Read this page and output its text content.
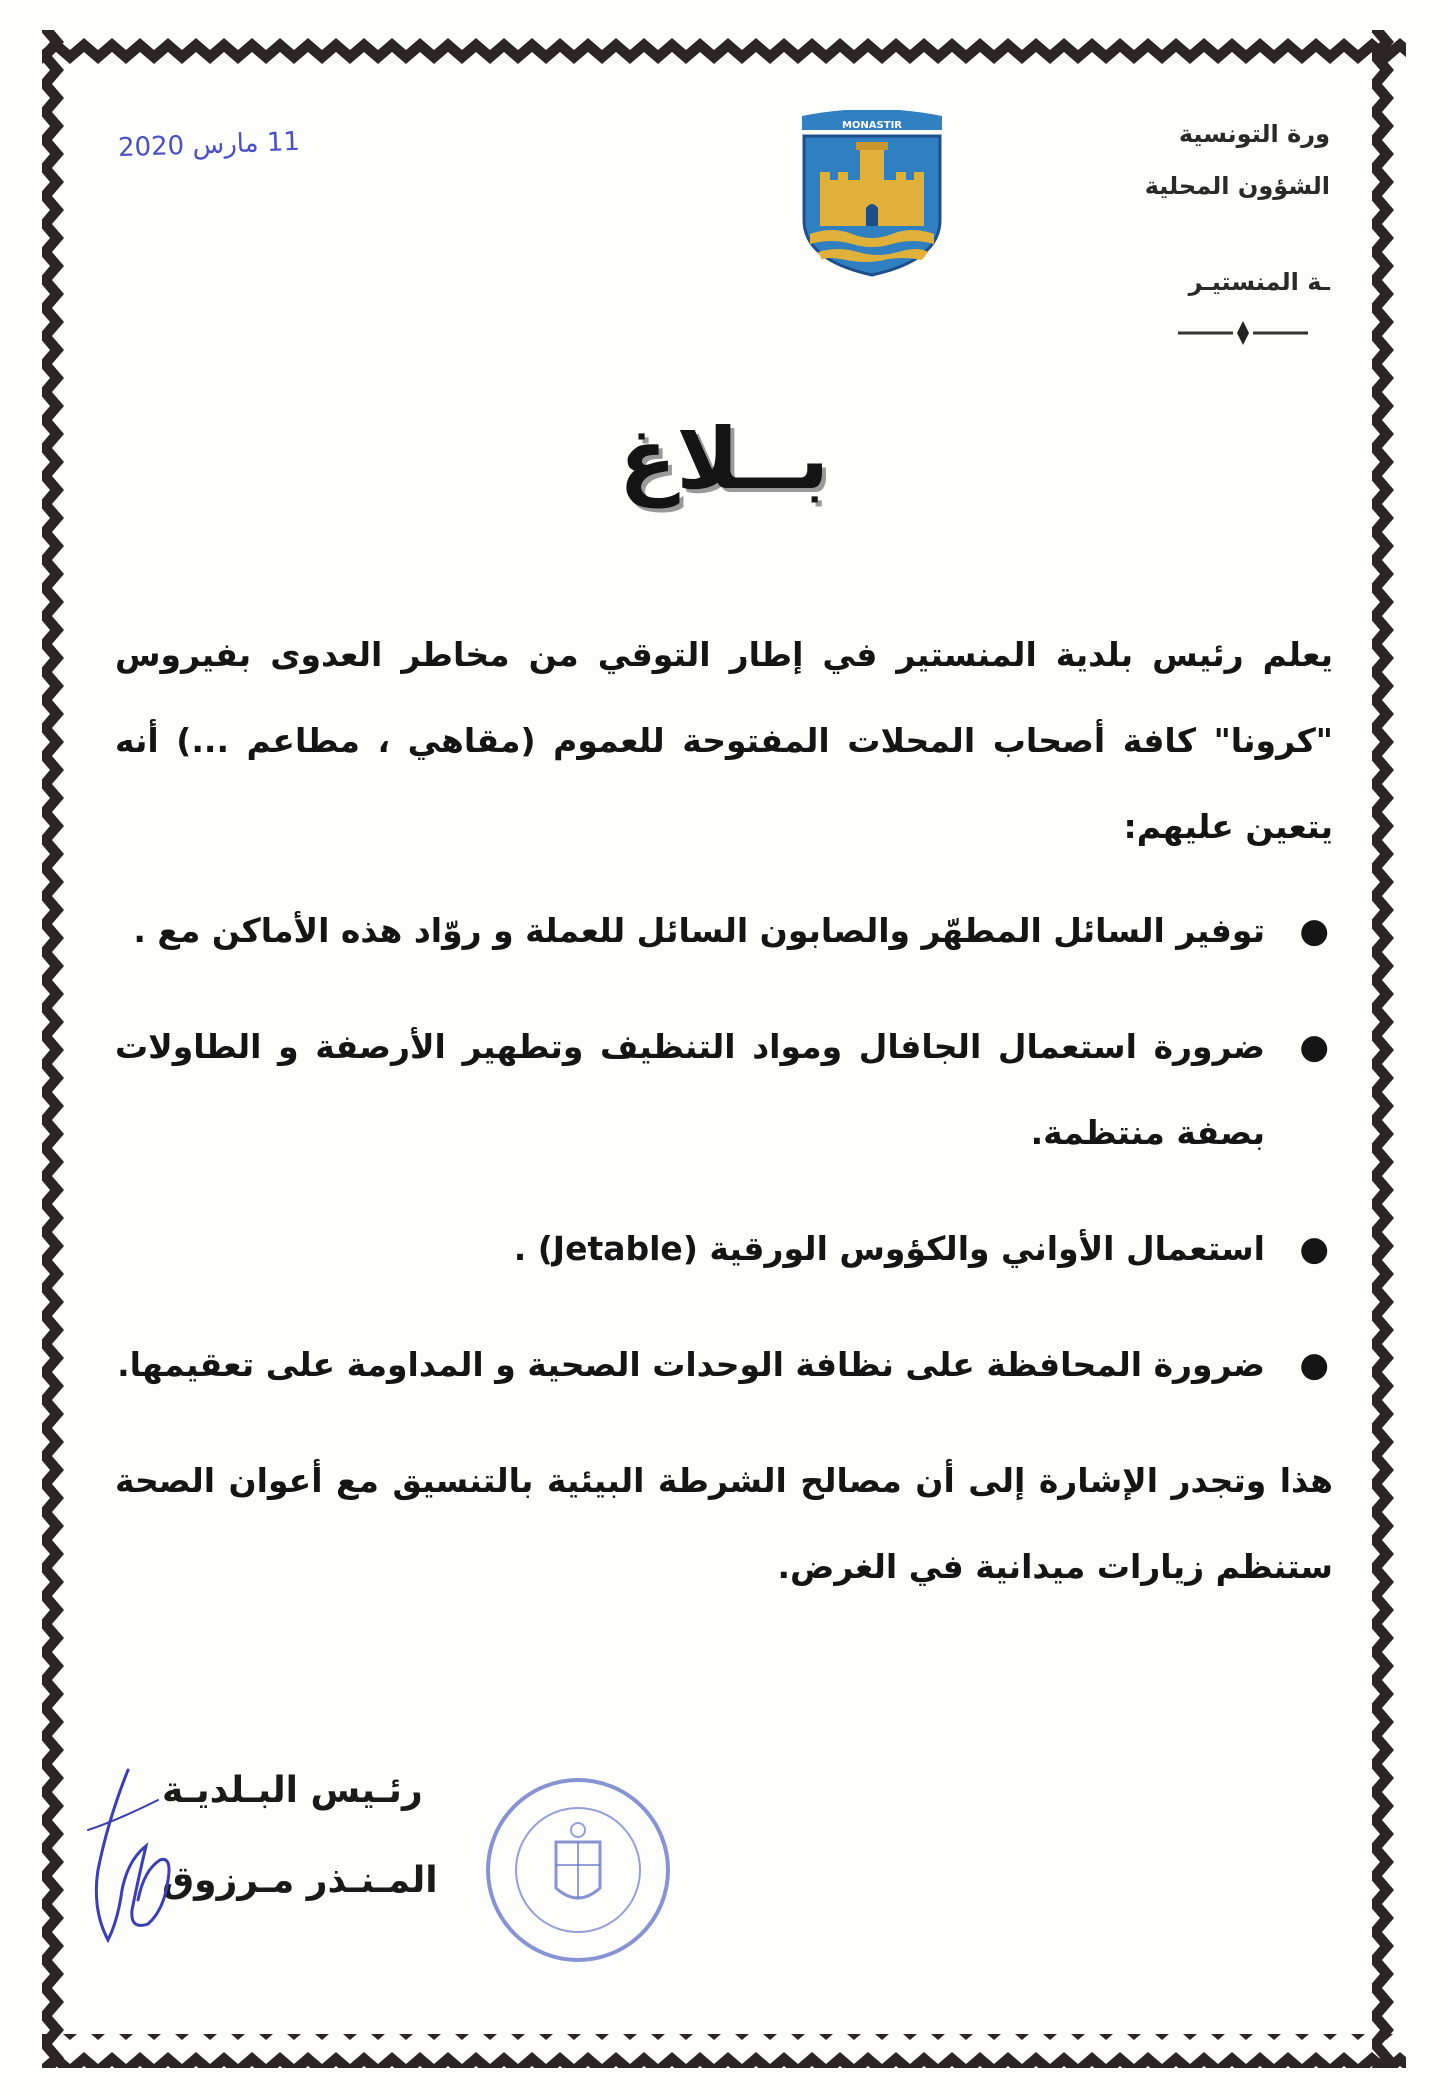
11 مارس 2020
MONASTIR	ورة التونسية
الشؤون المحلية
ـة المنستيـر
بــلاغ

يعلم رئيس بلدية المنستير في إطار التوقي من مخاطر العدوى بفيروس "كرونا" كافة أصحاب المحلات المفتوحة للعموم (مقاهي ، مطاعم ...) أنه يتعين عليهم:

●
توفير السائل المطهّر والصابون السائل للعملة و روّاد هذه الأماكن مع .
●
ضرورة استعمال الجافال ومواد التنظيف وتطهير الأرصفة و الطاولات بصفة منتظمة.
●
استعمال الأواني والكؤوس الورقية (Jetable) .
●
ضرورة المحافظة على نظافة الوحدات الصحية و المداومة على تعقيمها.

هذا وتجدر الإشارة إلى أن مصالح الشرطة البيئية بالتنسيق مع أعوان الصحة ستنظم زيارات ميدانية في الغرض.

رئـيس البـلديـة
المـنـذر مـرزوق
